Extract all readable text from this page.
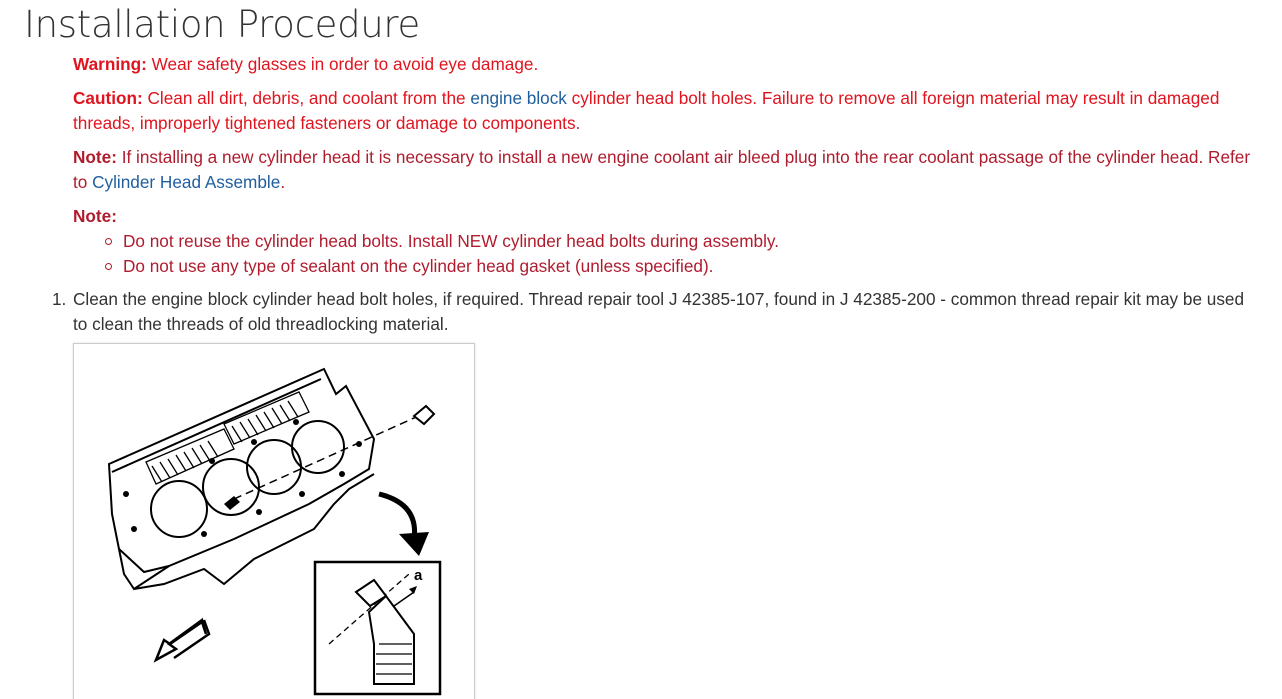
Installation Procedure

Warning: Wear safety glasses in order to avoid eye damage.

Caution: Clean all dirt, debris, and coolant from the engine block cylinder head bolt holes. Failure to remove all foreign material may result in damaged threads, improperly tightened fasteners or damage to components.

Note: If installing a new cylinder head it is necessary to install a new engine coolant air bleed plug into the rear coolant passage of the cylinder head. Refer to Cylinder Head Assemble.

Note:
Do not reuse the cylinder head bolts. Install NEW cylinder head bolts during assembly.
Do not use any type of sealant on the cylinder head gasket (unless specified).
1. Clean the engine block cylinder head bolt holes, if required. Thread repair tool J 42385-107, found in J 42385-200 - common thread repair kit may be used to clean the threads of old threadlocking material.
a
